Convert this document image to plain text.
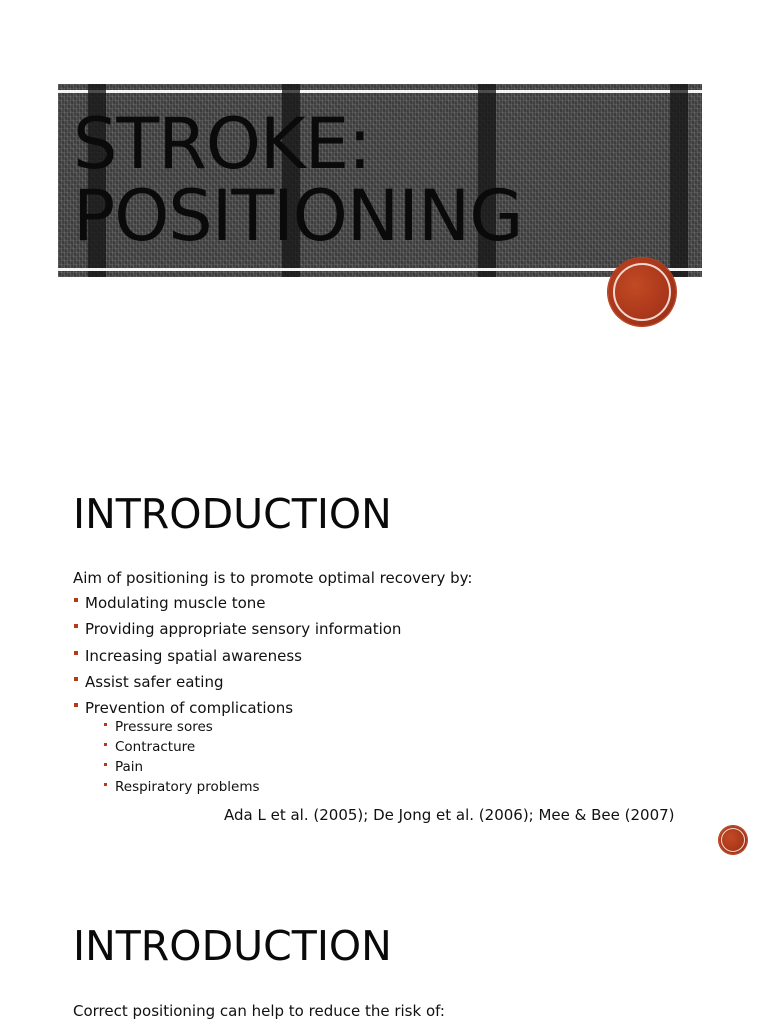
STROKE:
POSITIONING
INTRODUCTION

Aim of positioning is to promote optimal recovery by:

Modulating muscle tone
Providing appropriate sensory information
Increasing spatial awareness
Assist safer eating
Prevention of complications
Pressure sores
Contracture
Pain
Respiratory problems

Ada L et al. (2005); De Jong et al. (2006); Mee & Bee (2007)

INTRODUCTION

Correct positioning can help to reduce the risk of:
